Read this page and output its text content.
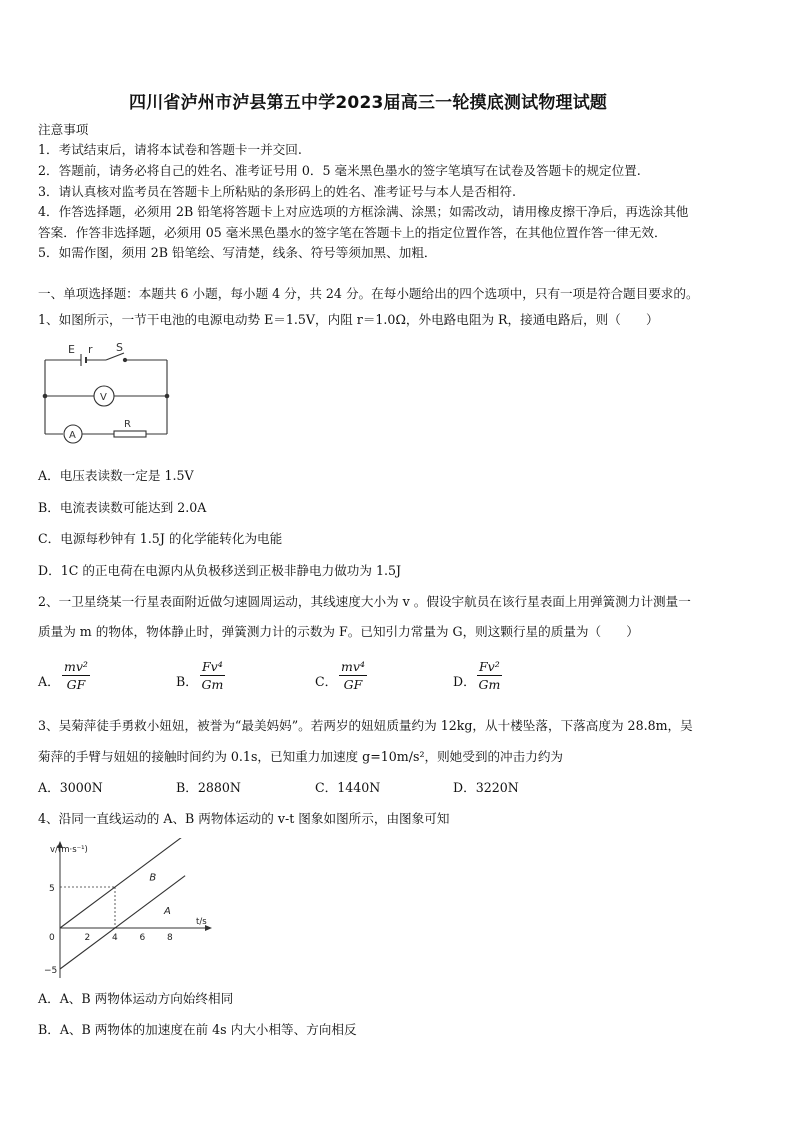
四川省泸州市泸县第五中学2023届高三一轮摸底测试物理试题
注意事项
1．考试结束后，请将本试卷和答题卡一并交回.
2．答题前，请务必将自己的姓名、准考证号用 0．5 毫米黑色墨水的签字笔填写在试卷及答题卡的规定位置.
3．请认真核对监考员在答题卡上所粘贴的条形码上的姓名、准考证号与本人是否相符.
4．作答选择题，必须用 2B 铅笔将答题卡上对应选项的方框涂满、涂黑；如需改动，请用橡皮擦干净后，再选涂其他
答案．作答非选择题，必须用 05 毫米黑色墨水的签字笔在答题卡上的指定位置作答，在其他位置作答一律无效．
5．如需作图，须用 2B 铅笔绘、写清楚，线条、符号等须加黑、加粗．
一、单项选择题：本题共 6 小题，每小题 4 分，共 24 分。在每小题给出的四个选项中，只有一项是符合题目要求的。
1、如图所示，一节干电池的电源电动势 E＝1.5V，内阻 r＝1.0Ω，外电路电阻为 R，接通电路后，则（　　）
E r S
V
A
R
A．电压表读数一定是 1.5V
B．电流表读数可能达到 2.0A
C．电源每秒钟有 1.5J 的化学能转化为电能
D．1C 的正电荷在电源内从负极移送到正极非静电力做功为 1.5J
2、一卫星绕某一行星表面附近做匀速圆周运动，其线速度大小为 v 。假设宇航员在该行星表面上用弹簧测力计测量一
质量为 m 的物体，物体静止时，弹簧测力计的示数为 F。已知引力常量为 G，则这颗行星的质量为（　　）
A． $\frac{\text{mv²}}{GF}$	B． $\frac{\text{Fv⁴}}{Gm}$	C． $\frac{\text{mv⁴}}{GF}$	D． $\frac{\text{Fv²}}{Gm}$
3、吴菊萍徒手勇救小妞妞，被誉为“最美妈妈”。若两岁的妞妞质量约为 12kg，从十楼坠落，下落高度为 28.8m，吴
菊萍的手臂与妞妞的接触时间约为 0.1s，已知重力加速度 g=10m/s²，则她受到的冲击力约为
A．3000N	B．2880N	C．1440N	D．3220N
4、沿同一直线运动的 A、B 两物体运动的 v-t 图象如图所示，由图象可知
B
A
2 4 6 8
5
0
−5
v/(m·s⁻¹)
t/s
A．A、B 两物体运动方向始终相同
B．A、B 两物体的加速度在前 4s 内大小相等、方向相反
